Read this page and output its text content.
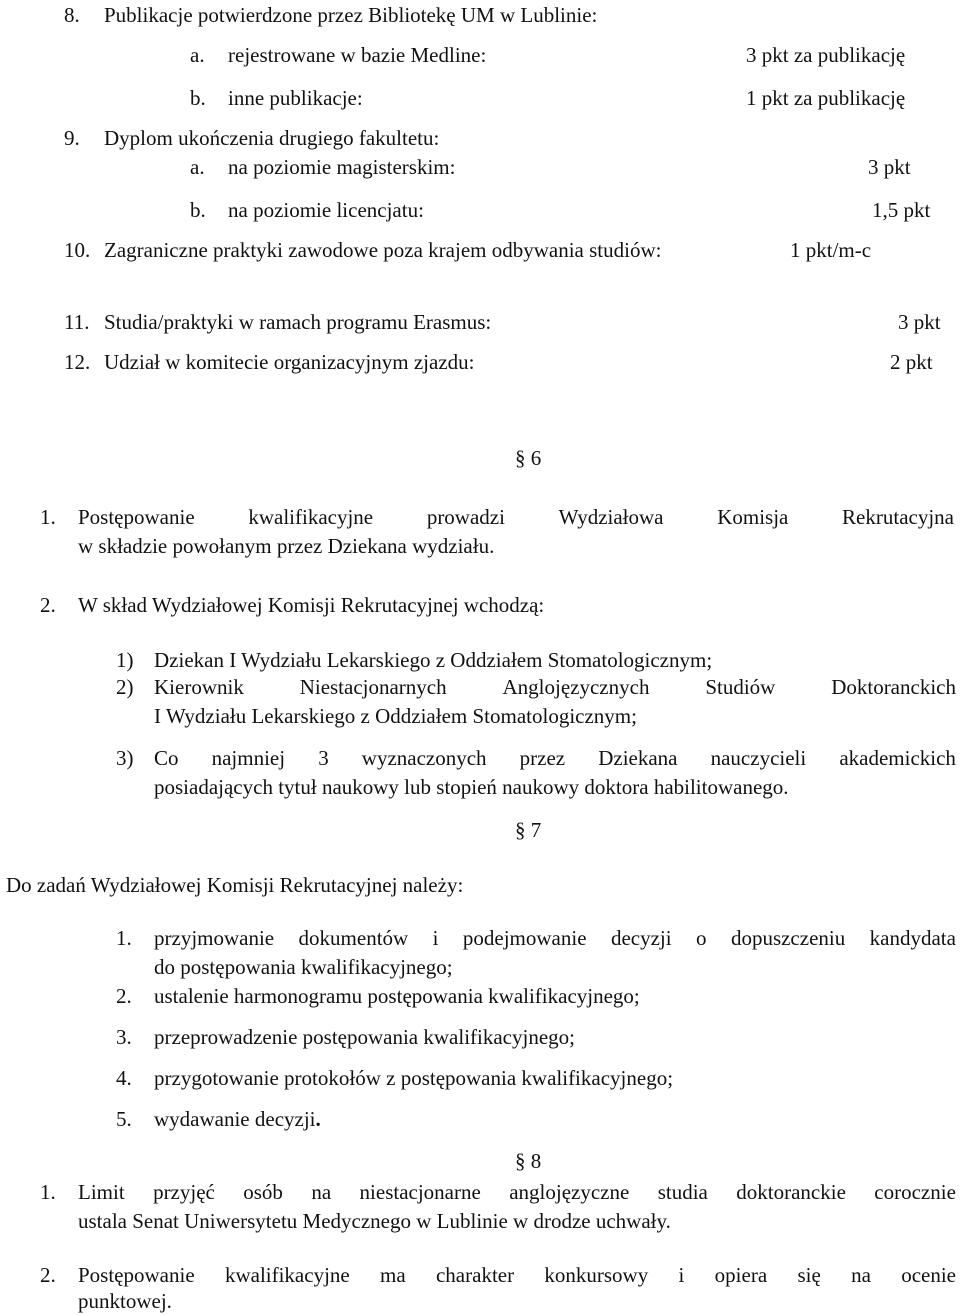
8. Publikacje potwierdzone przez Bibliotekę UM w Lublinie:
a. rejestrowane w bazie Medline:	3 pkt za publikację
b. inne publikacje:	1 pkt za publikację
9. Dyplom ukończenia drugiego fakultetu:
a. na poziomie magisterskim:	3 pkt
b. na poziomie licencjatu:	1,5 pkt
10. Zagraniczne praktyki zawodowe poza krajem odbywania studiów:	1 pkt/m-c
11. Studia/praktyki w ramach programu Erasmus:	3 pkt
12. Udział w komitecie organizacyjnym zjazdu:	2 pkt
§ 6
1. Postępowanie	kwalifikacyjne	prowadzi	Wydziałowa	Komisja	Rekrutacyjna
w składzie powołanym przez Dziekana wydziału.
2. W skład Wydziałowej Komisji Rekrutacyjnej wchodzą:
1) Dziekan I Wydziału Lekarskiego z Oddziałem Stomatologicznym;
2) Kierownik	Niestacjonarnych	Anglojęzycznych	Studiów	Doktoranckich
I Wydziału Lekarskiego z Oddziałem Stomatologicznym;
3) Co najmniej 3 wyznaczonych przez Dziekana nauczycieli akademickich
posiadających tytuł naukowy lub stopień naukowy doktora habilitowanego.
§ 7
Do zadań Wydziałowej Komisji Rekrutacyjnej należy:
1. przyjmowanie dokumentów i podejmowanie decyzji o dopuszczeniu kandydata
do postępowania kwalifikacyjnego;
2. ustalenie harmonogramu postępowania kwalifikacyjnego;
3. przeprowadzenie postępowania kwalifikacyjnego;
4. przygotowanie protokołów z postępowania kwalifikacyjnego;
5. wydawanie decyzji.
§ 8
1. Limit przyjęć osób na niestacjonarne anglojęzyczne studia doktoranckie corocznie
ustala Senat Uniwersytetu Medycznego w Lublinie w drodze uchwały.
2. Postępowanie kwalifikacyjne ma charakter konkursowy i opiera się na ocenie
punktowej.
